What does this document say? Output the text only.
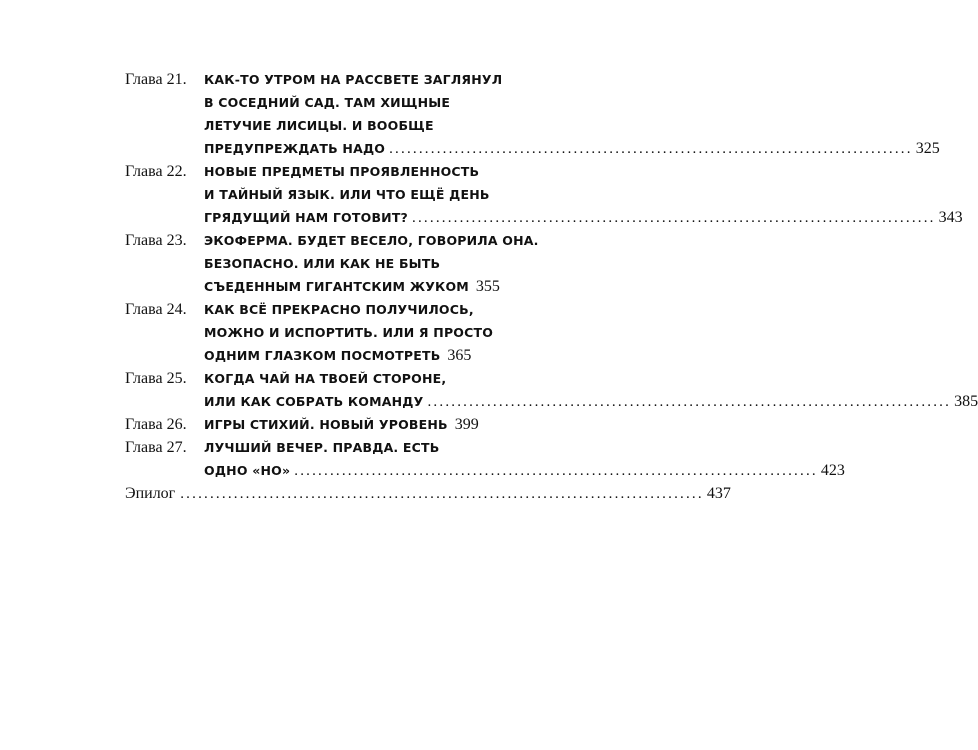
Глава 21.	КАК-ТО УТРОМ НА РАССВЕТЕ ЗАГЛЯНУЛ
В СОСЕДНИЙ САД. ТАМ ХИЩНЫЕ
ЛЕТУЧИЕ ЛИСИЦЫ. И ВООБЩЕ
ПРЕДУПРЕЖДАТЬ НАДО ........................................................................................ 325
Глава 22.	НОВЫЕ ПРЕДМЕТЫ ПРОЯВЛЕННОСТЬ
И ТАЙНЫЙ ЯЗЫК. ИЛИ ЧТО ЕЩЁ ДЕНЬ
ГРЯДУЩИЙ НАМ ГОТОВИТ? ........................................................................................ 343
Глава 23.	ЭКОФЕРМА. БУДЕТ ВЕСЕЛО, ГОВОРИЛА ОНА.
БЕЗОПАСНО. ИЛИ КАК НЕ БЫТЬ
СЪЕДЕННЫМ ГИГАНТСКИМ ЖУКОМ 355
Глава 24.	КАК ВСЁ ПРЕКРАСНО ПОЛУЧИЛОСЬ,
МОЖНО И ИСПОРТИТЬ. ИЛИ Я ПРОСТО
ОДНИМ ГЛАЗКОМ ПОСМОТРЕТЬ 365
Глава 25.	КОГДА ЧАЙ НА ТВОЕЙ СТОРОНЕ,
ИЛИ КАК СОБРАТЬ КОМАНДУ ........................................................................................ 385
Глава 26.	ИГРЫ СТИХИЙ. НОВЫЙ УРОВЕНЬ 399
Глава 27.	ЛУЧШИЙ ВЕЧЕР. ПРАВДА. ЕСТЬ
ОДНО «НО» ........................................................................................ 423
Эпилог ........................................................................................ 437
